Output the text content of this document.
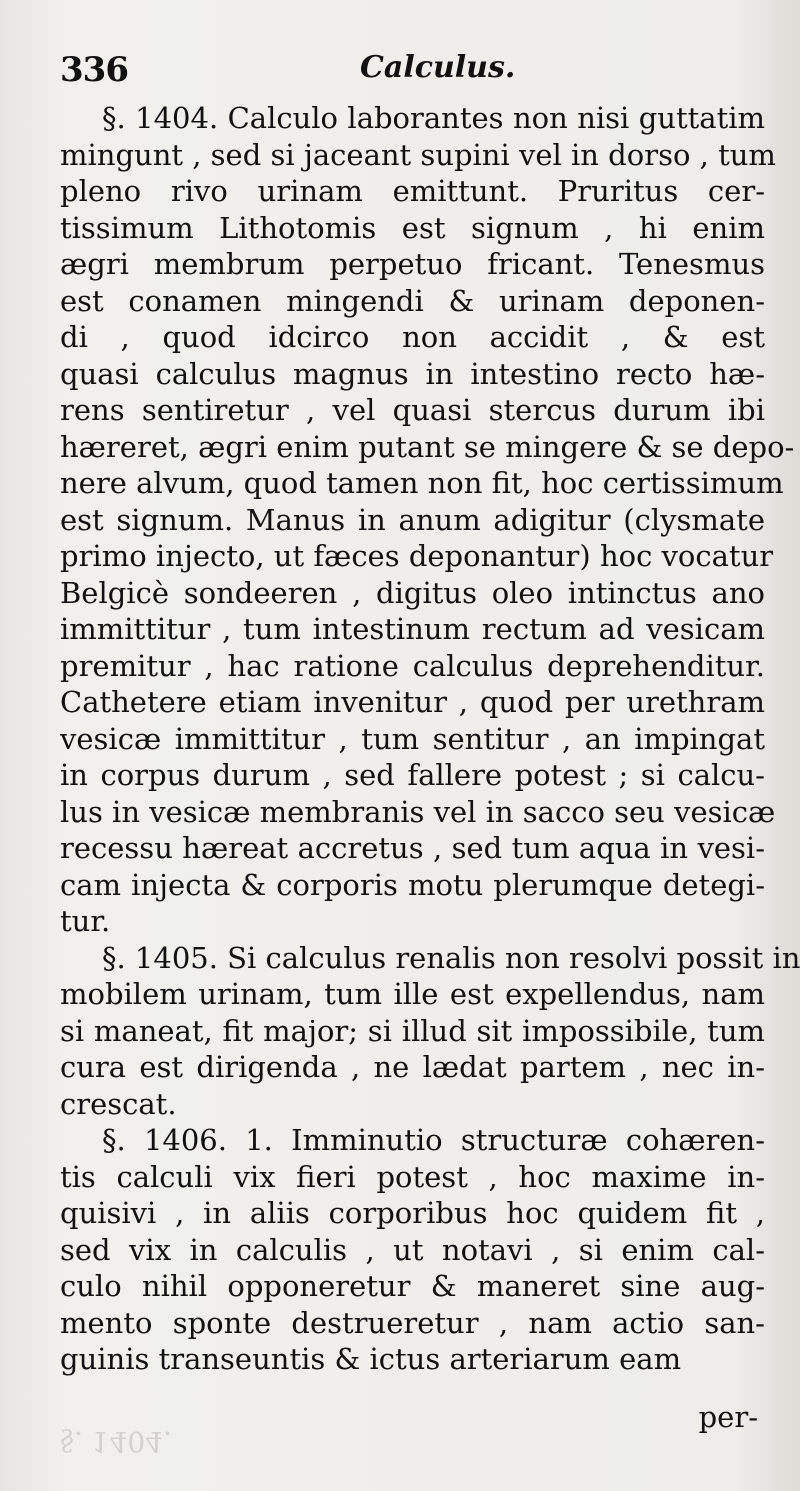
336	Calculus.
§. 1404. Calculo laborantes non nisi guttatim
mingunt , sed si jaceant supini vel in dorso , tum
pleno rivo urinam emittunt. Pruritus cer-
tissimum Lithotomis est signum , hi enim
ægri membrum perpetuo fricant. Tenesmus
est conamen mingendi & urinam deponen-
di , quod idcirco non accidit , & est
quasi calculus magnus in intestino recto hæ-
rens sentiretur , vel quasi stercus durum ibi
hæreret, ægri enim putant se mingere & se depo-
nere alvum, quod tamen non fit, hoc certissimum
est signum. Manus in anum adigitur (clysmate
primo injecto, ut fæces deponantur) hoc vocatur
Belgicè sondeeren , digitus oleo intinctus ano
immittitur , tum intestinum rectum ad vesicam
premitur , hac ratione calculus deprehenditur.
Cathetere etiam invenitur , quod per urethram
vesicæ immittitur , tum sentitur , an impingat
in corpus durum , sed fallere potest ; si calcu-
lus in vesicæ membranis vel in sacco seu vesicæ
recessu hæreat accretus , sed tum aqua in vesi-
cam injecta & corporis motu plerumque detegi-
tur.
§. 1405. Si calculus renalis non resolvi possit in
mobilem urinam, tum ille est expellendus, nam
si maneat, fit major; si illud sit impossibile, tum
cura est dirigenda , ne lædat partem , nec in-
crescat.
§. 1406. 1. Imminutio structuræ cohæren-
tis calculi vix fieri potest , hoc maxime in-
quisivi , in aliis corporibus hoc quidem fit ,
sed vix in calculis , ut notavi , si enim cal-
culo nihil opponeretur & maneret sine aug-
mento sponte destrueretur , nam actio san-
guinis transeuntis & ictus arteriarum eam
per-
§. 1404.
